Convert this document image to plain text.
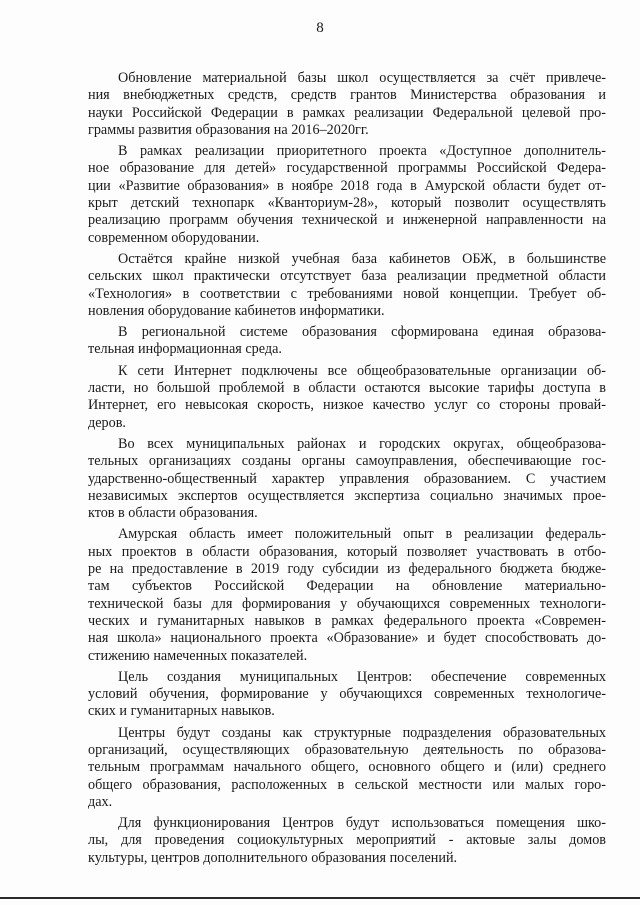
8
Обновление материальной базы школ осуществляется за счёт привлече-
ния внебюджетных средств, средств грантов Министерства образования и
науки Российской Федерации в рамках реализации Федеральной целевой про-
граммы развития образования на 2016–2020гг.
В рамках реализации приоритетного проекта «Доступное дополнитель-
ное образование для детей» государственной программы Российской Федера-
ции «Развитие образования» в ноябре 2018 года в Амурской области будет от-
крыт детский технопарк «Кванториум-28», который позволит осуществлять
реализацию программ обучения технической и инженерной направленности на
современном оборудовании.
Остаётся крайне низкой учебная база кабинетов ОБЖ, в большинстве
сельских школ практически отсутствует база реализации предметной области
«Технология» в соответствии с требованиями новой концепции. Требует об-
новления оборудование кабинетов информатики.
В региональной системе образования сформирована единая образова-
тельная информационная среда.
К сети Интернет подключены все общеобразовательные организации об-
ласти, но большой проблемой в области остаются высокие тарифы доступа в
Интернет, его невысокая скорость, низкое качество услуг со стороны провай-
деров.
Во всех муниципальных районах и городских округах, общеобразова-
тельных организациях созданы органы самоуправления, обеспечивающие гос-
ударственно-общественный характер управления образованием. С участием
независимых экспертов осуществляется экспертиза социально значимых прое-
ктов в области образования.
Амурская область имеет положительный опыт в реализации федераль-
ных проектов в области образования, который позволяет участвовать в отбо-
ре на предоставление в 2019 году субсидии из федерального бюджета бюдже-
там субъектов Российской Федерации на обновление материально-
технической базы для формирования у обучающихся современных технологи-
ческих и гуманитарных навыков в рамках федерального проекта «Современ-
ная школа» национального проекта «Образование» и будет способствовать до-
стижению намеченных показателей.
Цель создания муниципальных Центров: обеспечение современных
условий обучения, формирование у обучающихся современных технологиче-
ских и гуманитарных навыков.
Центры будут созданы как структурные подразделения образовательных
организаций, осуществляющих образовательную деятельность по образова-
тельным программам начального общего, основного общего и (или) среднего
общего образования, расположенных в сельской местности или малых горо-
дах.
Для функционирования Центров будут использоваться помещения шко-
лы, для проведения социокультурных мероприятий - актовые залы домов
культуры, центров дополнительного образования поселений.
